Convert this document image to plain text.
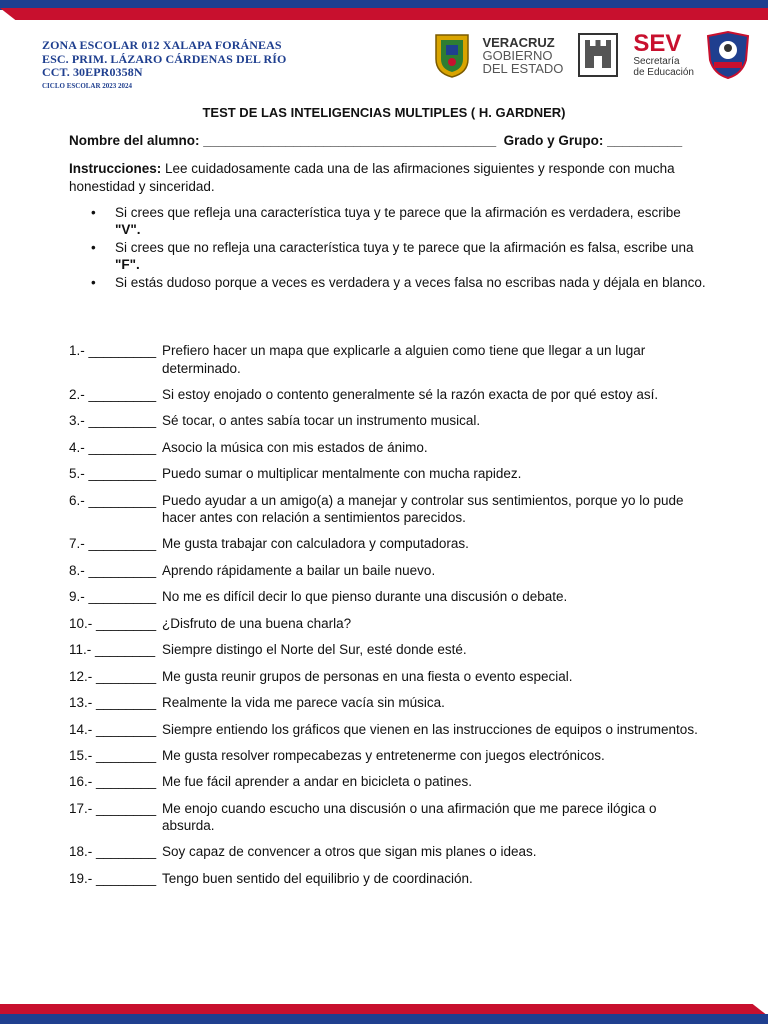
ZONA ESCOLAR 012 XALAPA FORÁNEAS
ESC. PRIM. LÁZARO CÁRDENAS DEL RÍO
CCT. 30EPR0358N
CICLO ESCOLAR 2023 2024
VERACRUZ
GOBIERNO
DEL ESTADO
SEV
Secretaría
de Educación
TEST DE LAS INTELIGENCIAS MULTIPLES ( H. GARDNER)
Nombre del alumno: _______________________________________  Grado y Grupo: __________
Instrucciones: Lee cuidadosamente cada una de las afirmaciones siguientes y responde con mucha honestidad y sinceridad.
• Si crees que refleja una característica tuya y te parece que la afirmación es verdadera, escribe "V".
• Si crees que no refleja una característica tuya y te parece que la afirmación es falsa, escribe una "F".
• Si estás dudoso porque a veces es verdadera y a veces falsa no escribas nada y déjala en blanco.
1.- _________ Prefiero hacer un mapa que explicarle a alguien como tiene que llegar a un lugar determinado.
2.- _________ Si estoy enojado o contento generalmente sé la razón exacta de por qué estoy así.
3.- _________ Sé tocar, o antes sabía tocar un instrumento musical.
4.- _________ Asocio la música con mis estados de ánimo.
5.- _________ Puedo sumar o multiplicar mentalmente con mucha rapidez.
6.- _________ Puedo ayudar a un amigo(a) a manejar y controlar sus sentimientos, porque yo lo pude hacer antes con relación a sentimientos parecidos.
7.- _________ Me gusta trabajar con calculadora y computadoras.
8.- _________ Aprendo rápidamente a bailar un baile nuevo.
9.- _________ No me es difícil decir lo que pienso durante una discusión o debate.
10.- ________ ¿Disfruto de una buena charla?
11.- ________ Siempre distingo el Norte del Sur, esté donde esté.
12.- ________ Me gusta reunir grupos de personas en una fiesta o evento especial.
13.- ________ Realmente la vida me parece vacía sin música.
14.- ________ Siempre entiendo los gráficos que vienen en las instrucciones de equipos o instrumentos.
15.- ________ Me gusta resolver rompecabezas y entretenerme con juegos electrónicos.
16.- ________ Me fue fácil aprender a andar en bicicleta o patines.
17.- ________ Me enojo cuando escucho una discusión o una afirmación que me parece ilógica o absurda.
18.- ________ Soy capaz de convencer a otros que sigan mis planes o ideas.
19.- ________ Tengo buen sentido del equilibrio y de coordinación.
